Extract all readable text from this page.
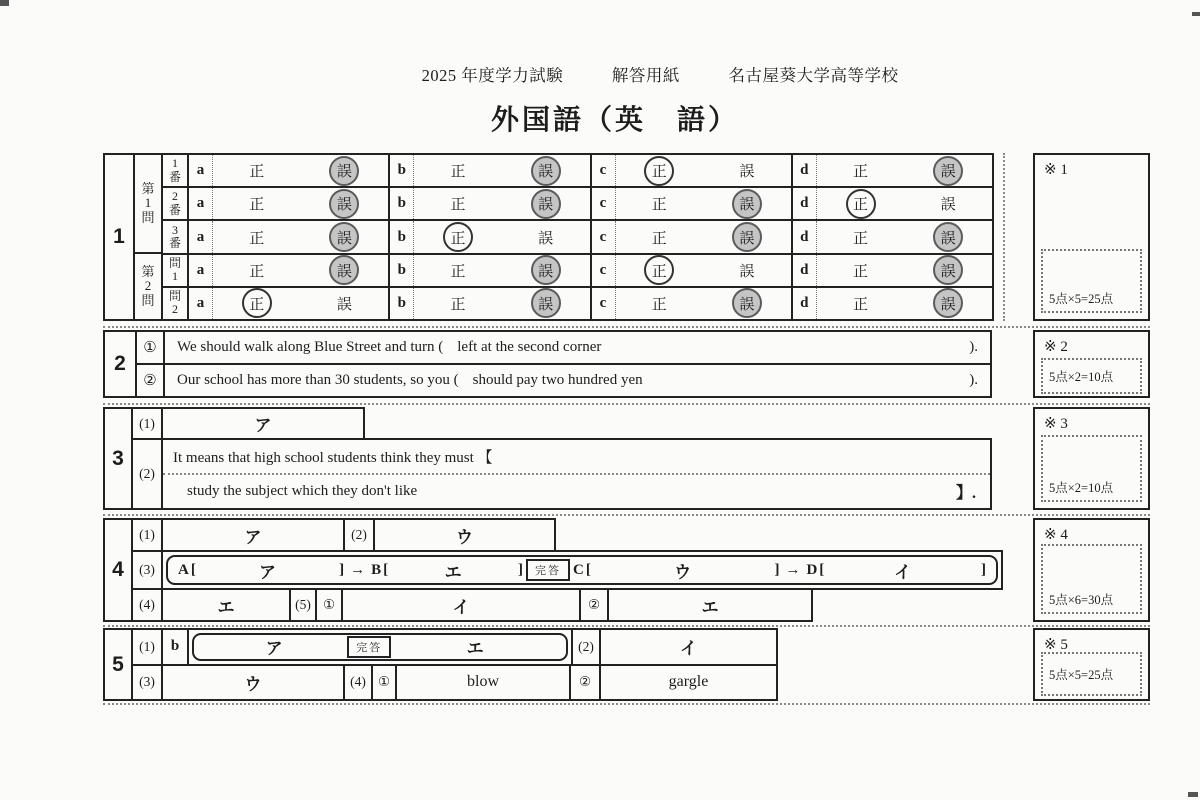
2025 年度学力試験	解答用紙	名古屋葵大学高等学校
外国語（英　語）
1
第1問
第2問
1番	a	正	誤	b	正	誤	c	正	誤	d	正	誤
2番	a	正	誤	b	正	誤	c	正	誤	d	正	誤
3番	a	正	誤	b	正	誤	c	正	誤	d	正	誤
問1	a	正	誤	b	正	誤	c	正	誤	d	正	誤
問2	a	正	誤	b	正	誤	c	正	誤	d	正	誤
2
①	We should walk along Blue Street and turn ( left at the second corner	).
②	Our school has more than 30 students, so you ( should pay two hundred yen	).
3
(1)	ア
(2)
It means that high school students think they must 【
study the subject which they don't like	】.
4
(1)	ア	(2)	ウ
(3)	A [	ア	] → B [	エ	]	完答 C [	ウ	] → D [	イ	]
(4)	エ	(5) ①	イ	②	エ
5
(1)	b	ア	完答	エ	(2)	イ
(3)	ウ	(4) ①	blow	②	gargle
※ 1
5点×5=25点
※ 2
5点×2=10点
※ 3
5点×2=10点
※ 4
5点×6=30点
※ 5
5点×5=25点
